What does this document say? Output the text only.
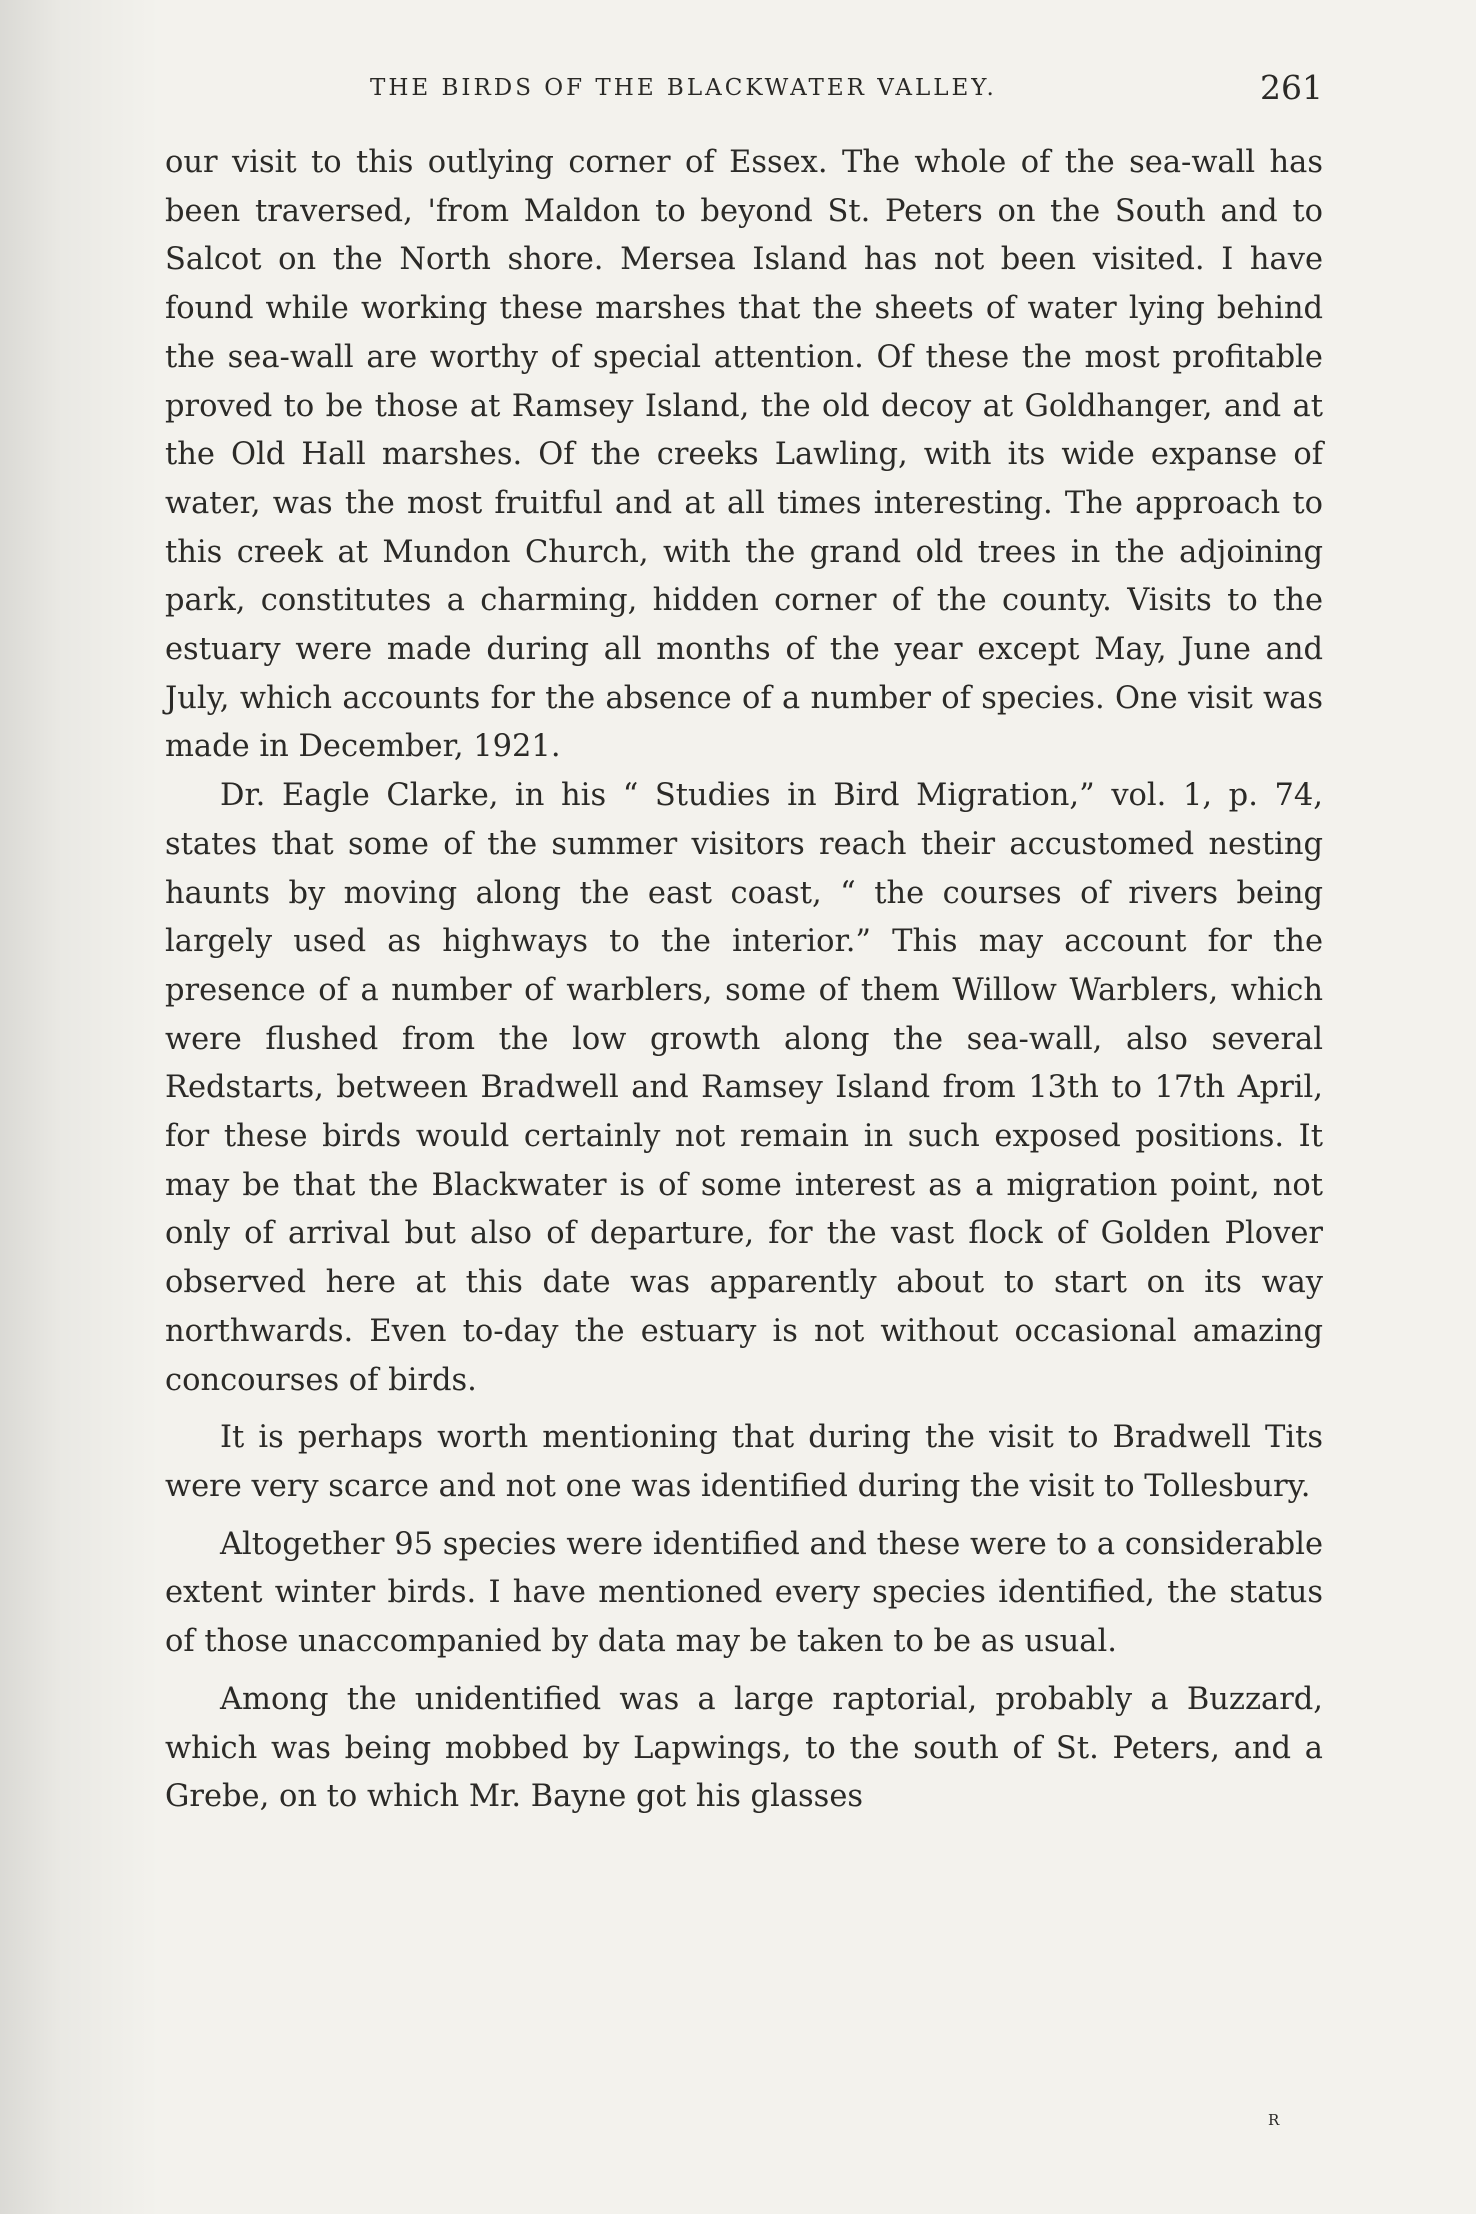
THE BIRDS OF THE BLACKWATER VALLEY.	261

our visit to this outlying corner of Essex. The whole of the sea-wall has been traversed, 'from Maldon to beyond St. Peters on the South and to Salcot on the North shore. Mersea Island has not been visited. I have found while working these marshes that the sheets of water lying behind the sea-wall are worthy of special attention. Of these the most profitable proved to be those at Ramsey Island, the old decoy at Goldhanger, and at the Old Hall marshes. Of the creeks Lawling, with its wide expanse of water, was the most fruitful and at all times interesting. The approach to this creek at Mundon Church, with the grand old trees in the adjoining park, constitutes a charming, hidden corner of the county. Visits to the estuary were made during all months of the year except May, June and July, which accounts for the absence of a number of species. One visit was made in December, 1921.

Dr. Eagle Clarke, in his “ Studies in Bird Migration,” vol. 1, p. 74, states that some of the summer visitors reach their accustomed nesting haunts by moving along the east coast, “ the courses of rivers being largely used as highways to the interior.” This may account for the presence of a number of warblers, some of them Willow Warblers, which were flushed from the low growth along the sea-wall, also several Redstarts, between Bradwell and Ramsey Island from 13th to 17th April, for these birds would certainly not remain in such exposed positions. It may be that the Blackwater is of some interest as a migration point, not only of arrival but also of departure, for the vast flock of Golden Plover observed here at this date was apparently about to start on its way northwards. Even to-day the estuary is not without occasional amazing concourses of birds.

It is perhaps worth mentioning that during the visit to Bradwell Tits were very scarce and not one was identified during the visit to Tollesbury.

Altogether 95 species were identified and these were to a considerable extent winter birds. I have mentioned every species identified, the status of those unaccompanied by data may be taken to be as usual.

Among the unidentified was a large raptorial, probably a Buzzard, which was being mobbed by Lapwings, to the south of St. Peters, and a Grebe, on to which Mr. Bayne got his glasses

R
